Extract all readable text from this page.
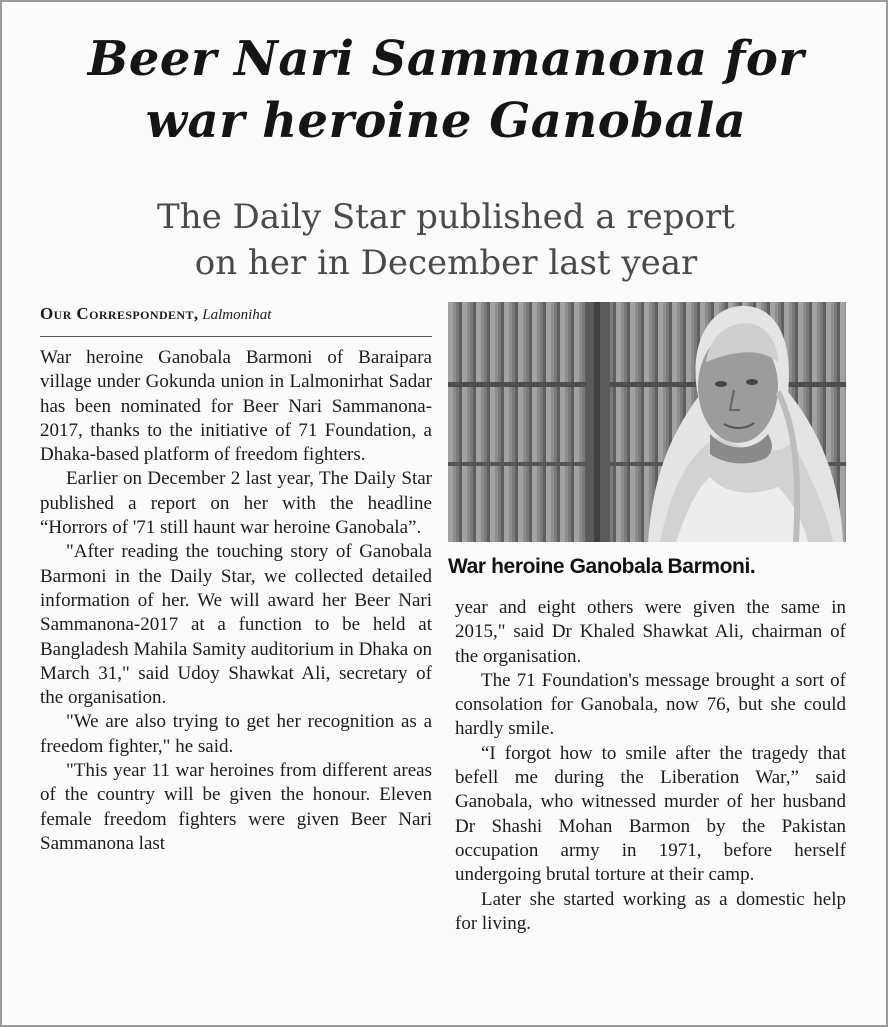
Beer Nari Sammanona for
war heroine Ganobala
The Daily Star published a report
on her in December last year
Our Correspondent, Lalmonihat

War heroine Ganobala Barmoni of Baraipara village under Gokunda union in Lalmonirhat Sadar has been nominated for Beer Nari Sammanona-2017, thanks to the initiative of 71 Foundation, a Dhaka-based platform of freedom fighters.

Earlier on December 2 last year, The Daily Star published a report on her with the headline “Horrors of '71 still haunt war heroine Ganobala”.

"After reading the touching story of Ganobala Barmoni in the Daily Star, we collected detailed information of her. We will award her Beer Nari Sammanona-2017 at a function to be held at Bangladesh Mahila Samity auditorium in Dhaka on March 31," said Udoy Shawkat Ali, secretary of the organisation.

"We are also trying to get her recognition as a freedom fighter," he said.

"This year 11 war heroines from different areas of the country will be given the honour. Eleven female freedom fighters were given Beer Nari Sammanona last

War heroine Ganobala Barmoni.

year and eight others were given the same in 2015," said Dr Khaled Shawkat Ali, chairman of the organisation.

The 71 Foundation's message brought a sort of consolation for Ganobala, now 76, but she could hardly smile.

“I forgot how to smile after the tragedy that befell me during the Liberation War,” said Ganobala, who witnessed murder of her husband Dr Shashi Mohan Barmon by the Pakistan occupation army in 1971, before herself undergoing brutal torture at their camp.

Later she started working as a domestic help for living.
